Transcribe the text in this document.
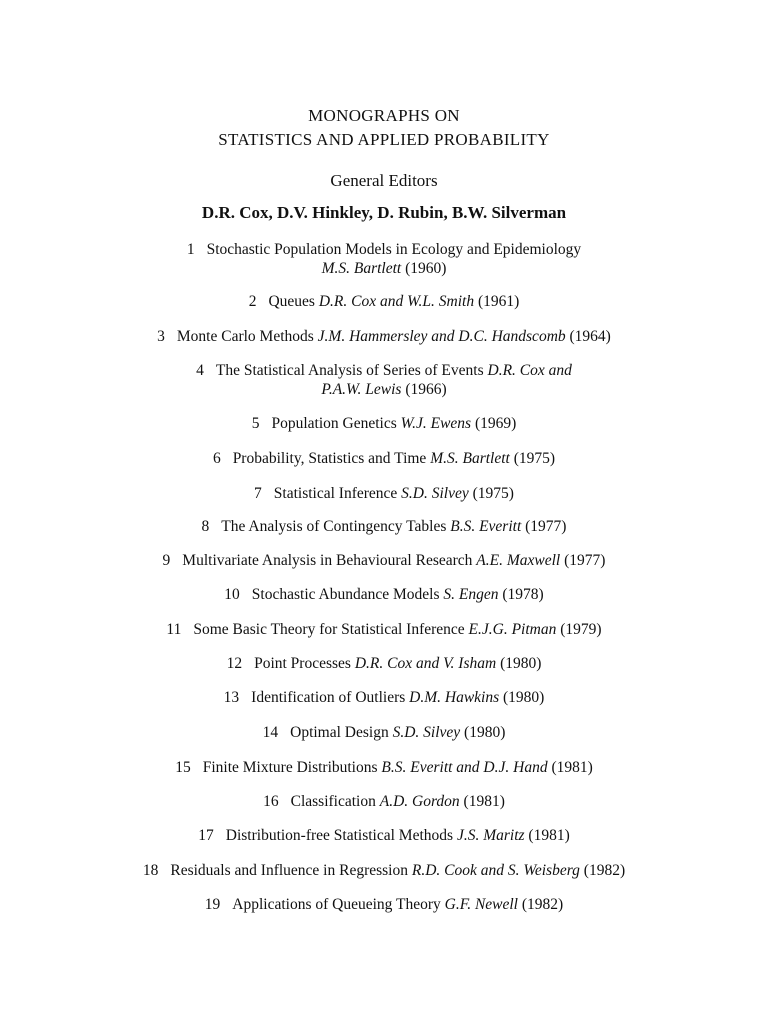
MONOGRAPHS ON
STATISTICS AND APPLIED PROBABILITY
General Editors
D.R. Cox, D.V. Hinkley, D. Rubin, B.W. Silverman
1 Stochastic Population Models in Ecology and Epidemiology
M.S. Bartlett (1960)
2 Queues D.R. Cox and W.L. Smith (1961)
3 Monte Carlo Methods J.M. Hammersley and D.C. Handscomb (1964)
4 The Statistical Analysis of Series of Events D.R. Cox and
P.A.W. Lewis (1966)
5 Population Genetics W.J. Ewens (1969)
6 Probability, Statistics and Time M.S. Bartlett (1975)
7 Statistical Inference S.D. Silvey (1975)
8 The Analysis of Contingency Tables B.S. Everitt (1977)
9 Multivariate Analysis in Behavioural Research A.E. Maxwell (1977)
10 Stochastic Abundance Models S. Engen (1978)
11 Some Basic Theory for Statistical Inference E.J.G. Pitman (1979)
12 Point Processes D.R. Cox and V. Isham (1980)
13 Identification of Outliers D.M. Hawkins (1980)
14 Optimal Design S.D. Silvey (1980)
15 Finite Mixture Distributions B.S. Everitt and D.J. Hand (1981)
16 Classification A.D. Gordon (1981)
17 Distribution-free Statistical Methods J.S. Maritz (1981)
18 Residuals and Influence in Regression R.D. Cook and S. Weisberg (1982)
19 Applications of Queueing Theory G.F. Newell (1982)
